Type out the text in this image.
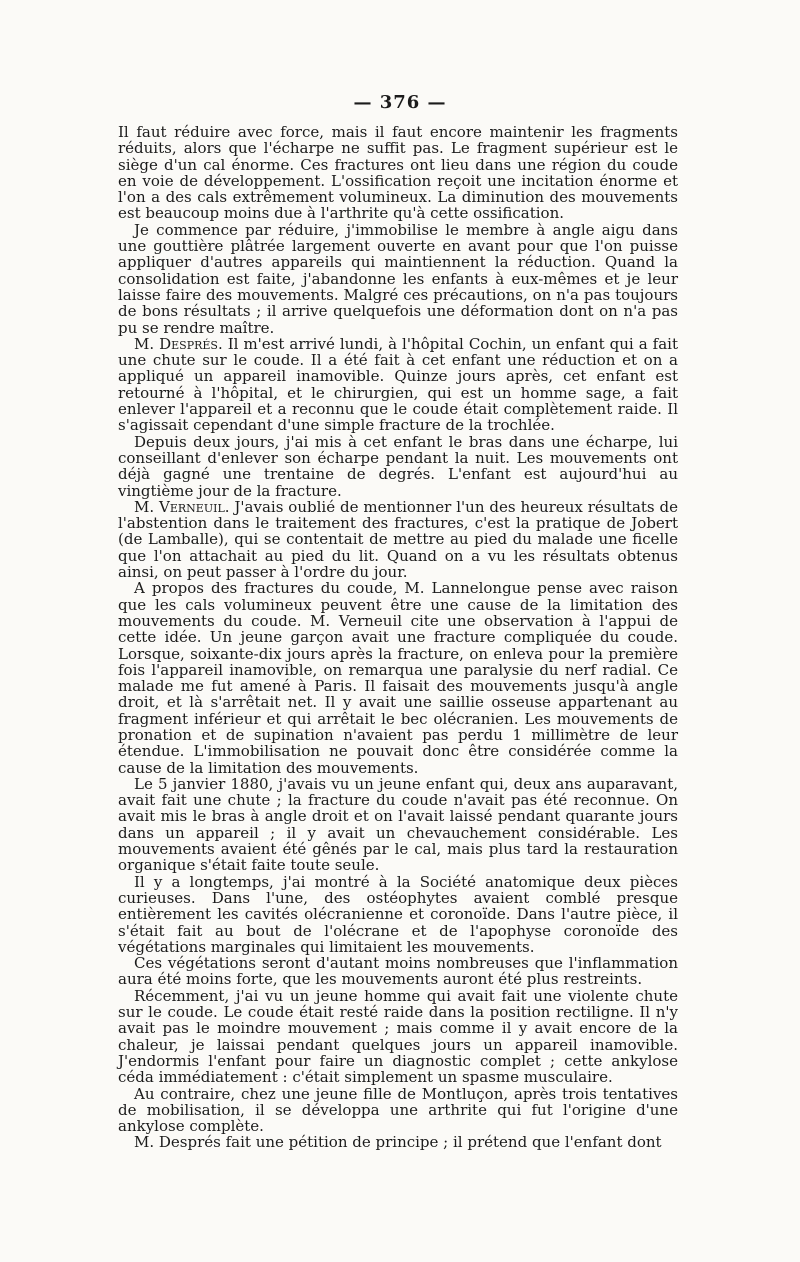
— 376 —

Il faut réduire avec force, mais il faut encore maintenir les fragments réduits, alors que l'écharpe ne suffit pas. Le fragment supérieur est le siège d'un cal énorme. Ces fractures ont lieu dans une région du coude en voie de développement. L'ossification reçoit une incitation énorme et l'on a des cals extrêmement volumineux. La diminution des mouvements est beaucoup moins due à l'arthrite qu'à cette ossification.

Je commence par réduire, j'immobilise le membre à angle aigu dans une gouttière plâtrée largement ouverte en avant pour que l'on puisse appliquer d'autres appareils qui maintiennent la réduction. Quand la consolidation est faite, j'abandonne les enfants à eux-mêmes et je leur laisse faire des mouvements. Malgré ces précautions, on n'a pas toujours de bons résultats ; il arrive quelquefois une déformation dont on n'a pas pu se rendre maître.

M. Després. Il m'est arrivé lundi, à l'hôpital Cochin, un enfant qui a fait une chute sur le coude. Il a été fait à cet enfant une réduction et on a appliqué un appareil inamovible. Quinze jours après, cet enfant est retourné à l'hôpital, et le chirurgien, qui est un homme sage, a fait enlever l'appareil et a reconnu que le coude était complètement raide. Il s'agissait cependant d'une simple fracture de la trochlée.

Depuis deux jours, j'ai mis à cet enfant le bras dans une écharpe, lui conseillant d'enlever son écharpe pendant la nuit. Les mouvements ont déjà gagné une trentaine de degrés. L'enfant est aujourd'hui au vingtième jour de la fracture.

M. Verneuil. J'avais oublié de mentionner l'un des heureux résultats de l'abstention dans le traitement des fractures, c'est la pratique de Jobert (de Lamballe), qui se contentait de mettre au pied du malade une ficelle que l'on attachait au pied du lit. Quand on a vu les résultats obtenus ainsi, on peut passer à l'ordre du jour.

A propos des fractures du coude, M. Lannelongue pense avec raison que les cals volumineux peuvent être une cause de la limitation des mouvements du coude. M. Verneuil cite une observation à l'appui de cette idée. Un jeune garçon avait une fracture compliquée du coude. Lorsque, soixante-dix jours après la fracture, on enleva pour la première fois l'appareil inamovible, on remarqua une paralysie du nerf radial. Ce malade me fut amené à Paris. Il faisait des mouvements jusqu'à angle droit, et là s'arrêtait net. Il y avait une saillie osseuse appartenant au fragment inférieur et qui arrêtait le bec olécranien. Les mouvements de pronation et de supination n'avaient pas perdu 1 millimètre de leur étendue. L'immobilisation ne pouvait donc être considérée comme la cause de la limitation des mouvements.

Le 5 janvier 1880, j'avais vu un jeune enfant qui, deux ans auparavant, avait fait une chute ; la fracture du coude n'avait pas été reconnue. On avait mis le bras à angle droit et on l'avait laissé pendant quarante jours dans un appareil ; il y avait un chevauchement considérable. Les mouvements avaient été gênés par le cal, mais plus tard la restauration organique s'était faite toute seule.

Il y a longtemps, j'ai montré à la Société anatomique deux pièces curieuses. Dans l'une, des ostéophytes avaient comblé presque entièrement les cavités olécranienne et coronoïde. Dans l'autre pièce, il s'était fait au bout de l'olécrane et de l'apophyse coronoïde des végétations marginales qui limitaient les mouvements.

Ces végétations seront d'autant moins nombreuses que l'inflammation aura été moins forte, que les mouvements auront été plus restreints.

Récemment, j'ai vu un jeune homme qui avait fait une violente chute sur le coude. Le coude était resté raide dans la position rectiligne. Il n'y avait pas le moindre mouvement ; mais comme il y avait encore de la chaleur, je laissai pendant quelques jours un appareil inamovible. J'endormis l'enfant pour faire un diagnostic complet ; cette ankylose céda immédiatement : c'était simplement un spasme musculaire.

Au contraire, chez une jeune fille de Montluçon, après trois tentatives de mobilisation, il se développa une arthrite qui fut l'origine d'une ankylose complète.

M. Després fait une pétition de principe ; il prétend que l'enfant dont
